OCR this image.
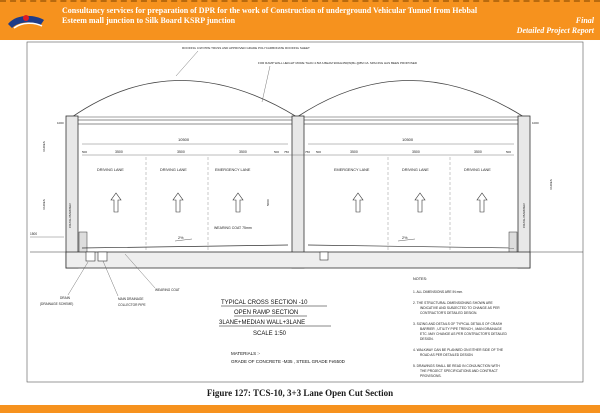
Consultancy services for preparation of DPR for the work of Construction of underground Vehicular Tunnel from Hebbal Esteem mall junction to Silk Board KSRP junction	Final
Detailed Project Report
ROOFING C/W PIPE TRUSS AND APPROVED GRADE POLYCARBONATE ROOFING SHEET
FOR RAMP WALL HEIGHT MORE THAN 4.5M A BEAM 900Hx450(W)Bs @8M C/L SPACING HAS BEEN PROPOSED
10500	10500
1000	1000
500	3500	3500	3500	500 750	750 500	3500	3500	3500	500
DRIVING LANE	DRIVING LANE	EMERGENCY LANE	EMERGENCY LANE	DRIVING LANE	DRIVING LANE
CRASH BARRIER	CRASH BARRIER
VARIES
VARIES
VARIES
5000
1500
WEARING COAT 75mm
2%	2%
DRAIN
(DRAINAGE SCHEME)
WEARING COAT
MAIN DRAINAGE
COLLECTOR PIPE	TYPICAL CROSS SECTION -10
OPEN RAMP SECTION
3LANE+MEDIAN WALL+3LANE
SCALE 1:50
MATERIALS :-
GRADE OF CONCRETE -M35 , STEEL GRADE Fe550D
NOTES:
1. ALL DIMENSIONS ARE IN mm.
2. THE STRUCTURAL DIMENSIONING SHOWN ARE
INDICATIVE AND SUBJECTED TO CHANGE AS PER
CONTRACTOR'S DETAILED DESIGN.
3. SIZING AND DETAILS OF TYPICAL DETAILS OF CRASH
BARRIER , UTILITY PIPE TRENCH , MAIN DRAINAGE
ETC. MAY CHANGE AS PER CONTRACTOR'S DETAILED
DESIGN.
4. WALKWAY CAN BE PLANNED ON EITHER SIDE OF THE
ROAD AS PER DETAILED DESIGN
5. DRAWINGS SHALL BE READ IN CONJUNCTION WITH
THE PROJECT SPECIFICATIONS AND CONTRACT
PROVISIONS.
Figure 127: TCS-10, 3+3 Lane Open Cut Section
